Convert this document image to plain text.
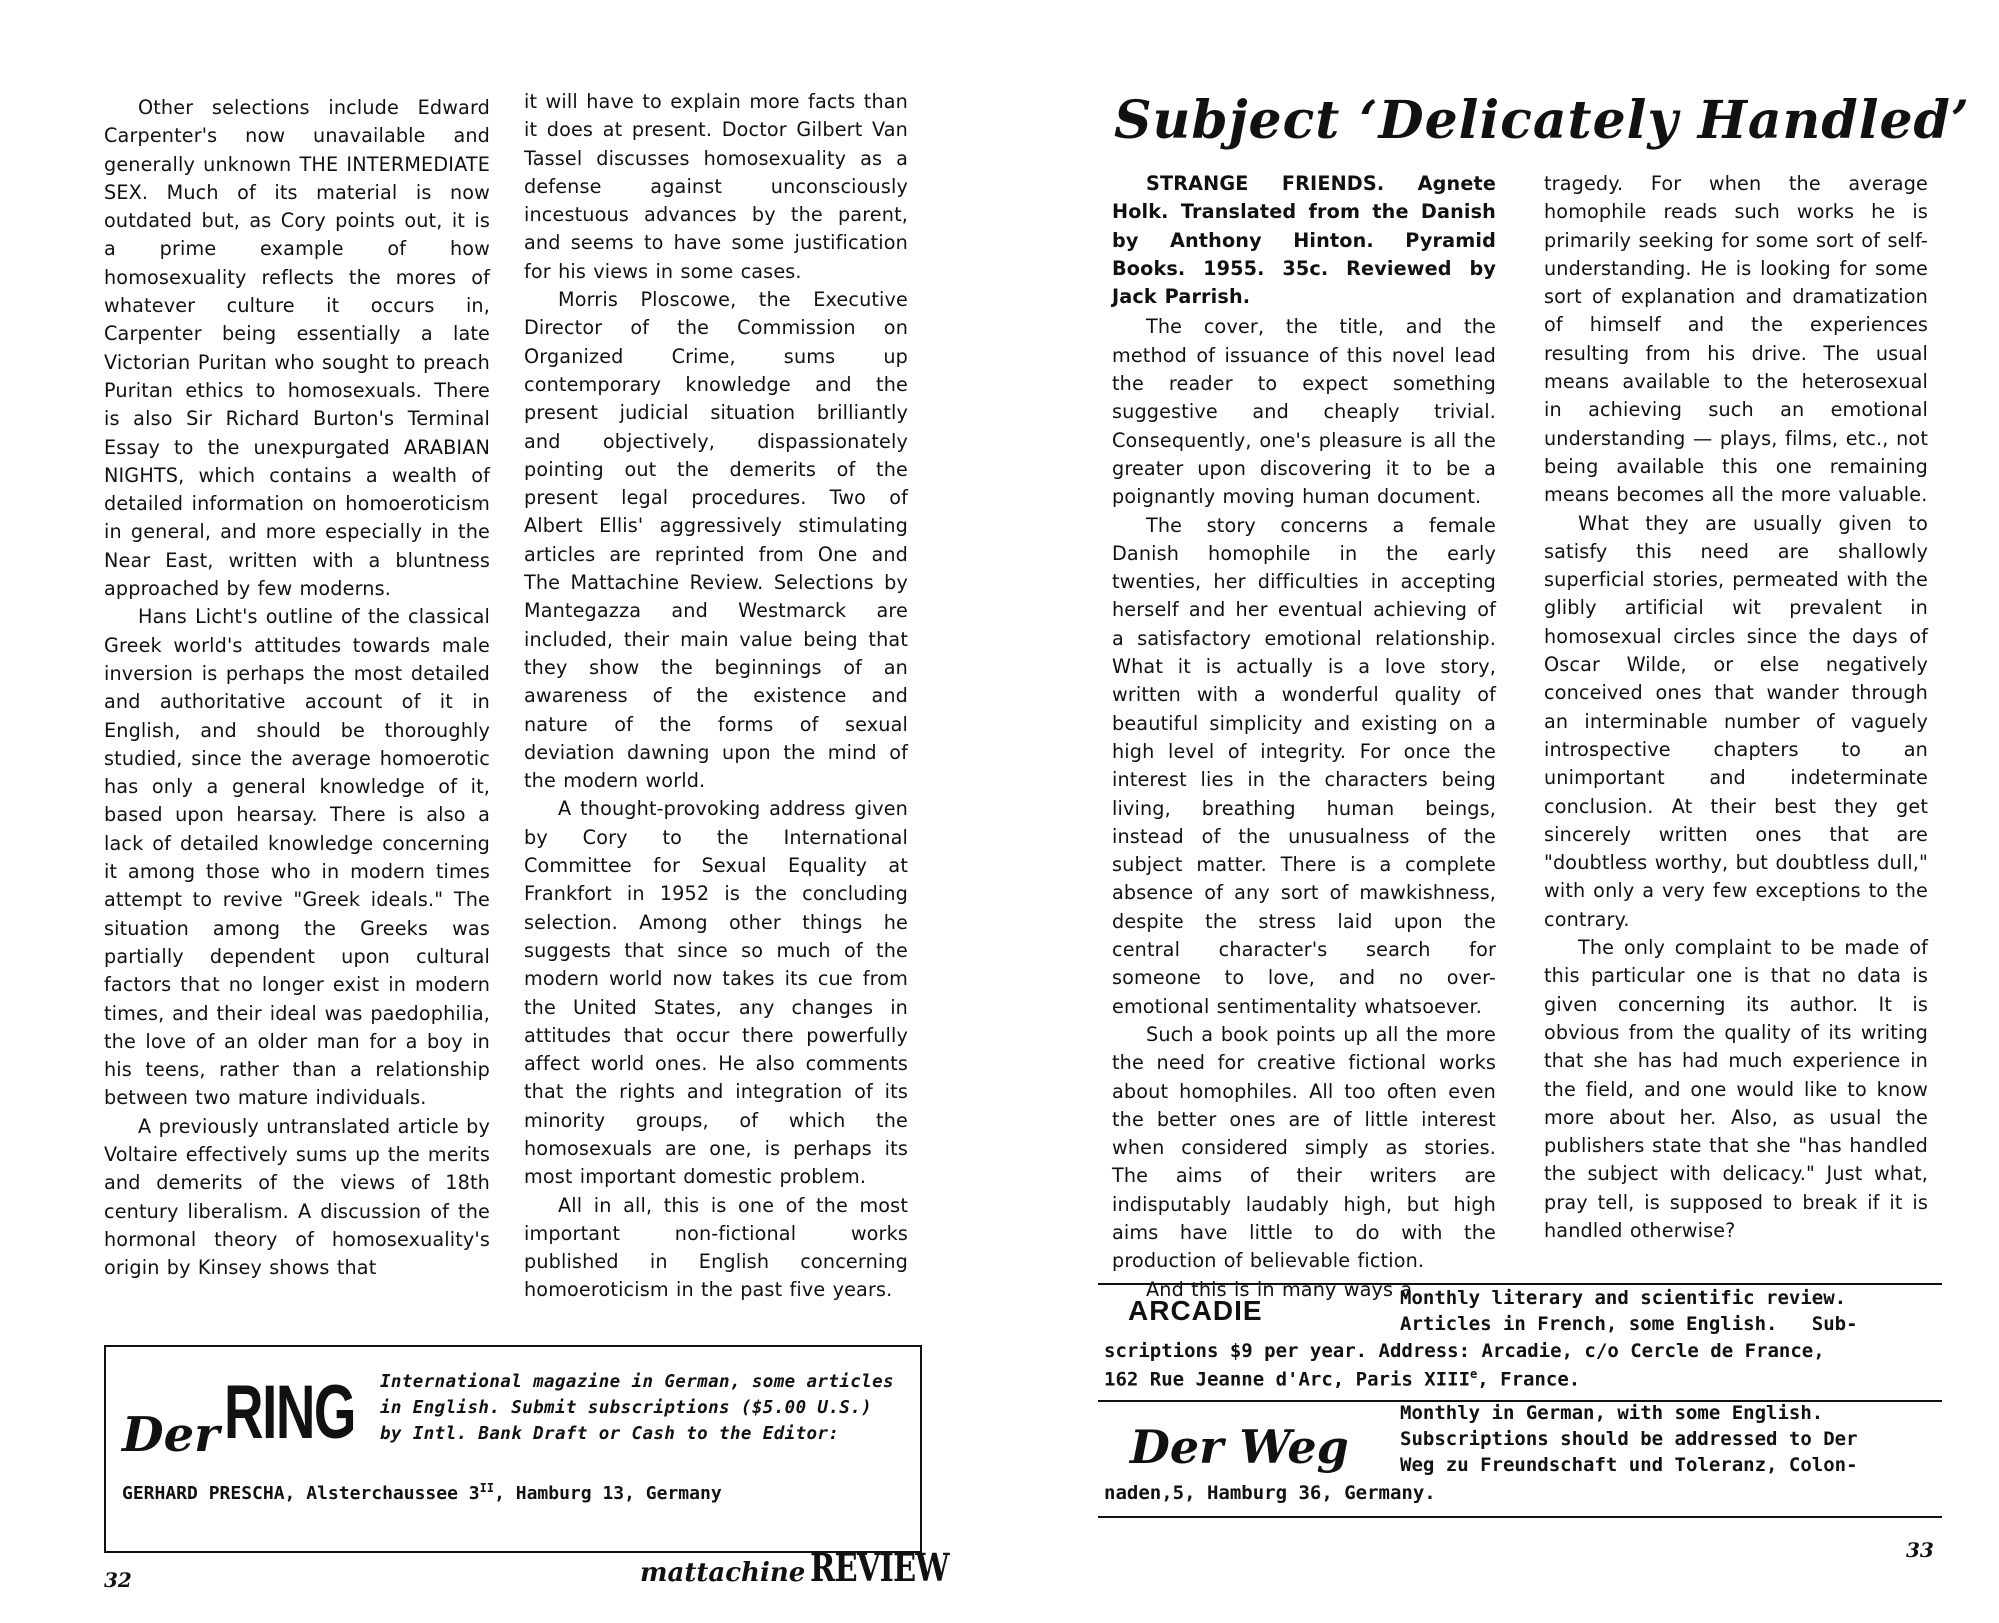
Other selections include Edward Carpenter's now unavailable and generally unknown THE INTERMEDIATE SEX. Much of its material is now outdated but, as Cory points out, it is a prime example of how homosexuality reflects the mores of whatever culture it occurs in, Carpenter being essentially a late Victorian Puritan who sought to preach Puritan ethics to homosexuals. There is also Sir Richard Burton's Terminal Essay to the unexpurgated ARABIAN NIGHTS, which contains a wealth of detailed information on homoeroticism in general, and more especially in the Near East, written with a bluntness approached by few moderns.

Hans Licht's outline of the classical Greek world's attitudes towards male inversion is perhaps the most detailed and authoritative account of it in English, and should be thoroughly studied, since the average homoerotic has only a general knowledge of it, based upon hearsay. There is also a lack of detailed knowledge concerning it among those who in modern times attempt to revive "Greek ideals." The situation among the Greeks was partially dependent upon cultural factors that no longer exist in modern times, and their ideal was paedophilia, the love of an older man for a boy in his teens, rather than a relationship between two mature individuals.

A previously untranslated article by Voltaire effectively sums up the merits and demerits of the views of 18th century liberalism. A discussion of the hormonal theory of homosexuality's origin by Kinsey shows that

it will have to explain more facts than it does at present. Doctor Gilbert Van Tassel discusses homosexuality as a defense against unconsciously incestuous advances by the parent, and seems to have some justification for his views in some cases.

Morris Ploscowe, the Executive Director of the Commission on Organized Crime, sums up contemporary knowledge and the present judicial situation brilliantly and objectively, dispassionately pointing out the demerits of the present legal procedures. Two of Albert Ellis' aggressively stimulating articles are reprinted from One and The Mattachine Review. Selections by Mantegazza and Westmarck are included, their main value being that they show the beginnings of an awareness of the existence and nature of the forms of sexual deviation dawning upon the mind of the modern world.

A thought-provoking address given by Cory to the International Committee for Sexual Equality at Frankfort in 1952 is the concluding selection. Among other things he suggests that since so much of the modern world now takes its cue from the United States, any changes in attitudes that occur there powerfully affect world ones. He also comments that the rights and integration of its minority groups, of which the homosexuals are one, is perhaps its most important domestic problem.

All in all, this is one of the most important non-fictional works published in English concerning homoeroticism in the past five years.

Der RING International magazine in German, some articles in English. Submit subscriptions ($5.00 U.S.) by Intl. Bank Draft or Cash to the Editor:
GERHARD PRESCHA, Alsterchaussee $3^{II}$, Hamburg 13, Germany
32	mattachine REVIEW
Subject ‘Delicately Handled’

STRANGE FRIENDS. Agnete Holk. Translated from the Danish by Anthony Hinton. Pyramid Books. 1955. 35c. Reviewed by Jack Parrish.

The cover, the title, and the method of issuance of this novel lead the reader to expect something suggestive and cheaply trivial. Consequently, one's pleasure is all the greater upon discovering it to be a poignantly moving human document.

The story concerns a female Danish homophile in the early twenties, her difficulties in accepting herself and her eventual achieving of a satisfactory emotional relationship. What it is actually is a love story, written with a wonderful quality of beautiful simplicity and existing on a high level of integrity. For once the interest lies in the characters being living, breathing human beings, instead of the unusualness of the subject matter. There is a complete absence of any sort of mawkishness, despite the stress laid upon the central character's search for someone to love, and no over-emotional sentimentality whatsoever.

Such a book points up all the more the need for creative fictional works about homophiles. All too often even the better ones are of little interest when considered simply as stories. The aims of their writers are indisputably laudably high, but high aims have little to do with the production of believable fiction.

And this is in many ways a

tragedy. For when the average homophile reads such works he is primarily seeking for some sort of self-understanding. He is looking for some sort of explanation and dramatization of himself and the experiences resulting from his drive. The usual means available to the heterosexual in achieving such an emotional understanding — plays, films, etc., not being available this one remaining means becomes all the more valuable.

What they are usually given to satisfy this need are shallowly superficial stories, permeated with the glibly artificial wit prevalent in homosexual circles since the days of Oscar Wilde, or else negatively conceived ones that wander through an interminable number of vaguely introspective chapters to an unimportant and indeterminate conclusion. At their best they get sincerely written ones that are "doubtless worthy, but doubtless dull," with only a very few exceptions to the contrary.

The only complaint to be made of this particular one is that no data is given concerning its author. It is obvious from the quality of its writing that she has had much experience in the field, and one would like to know more about her. Also, as usual the publishers state that she "has handled the subject with delicacy." Just what, pray tell, is supposed to break if it is handled otherwise?

ARCADIE	Monthly literary and scientific review.
Articles in French, some English.   Sub-
scriptions $9 per year. Address: Arcadie, c/o Cercle de France,
162 Rue Jeanne d'Arc, Paris XIIIe, France.
Der Weg
Monthly in German, with some English.
Subscriptions should be addressed to Der
Weg zu Freundschaft und Toleranz, Colon-
naden,5, Hamburg 36, Germany.
33
